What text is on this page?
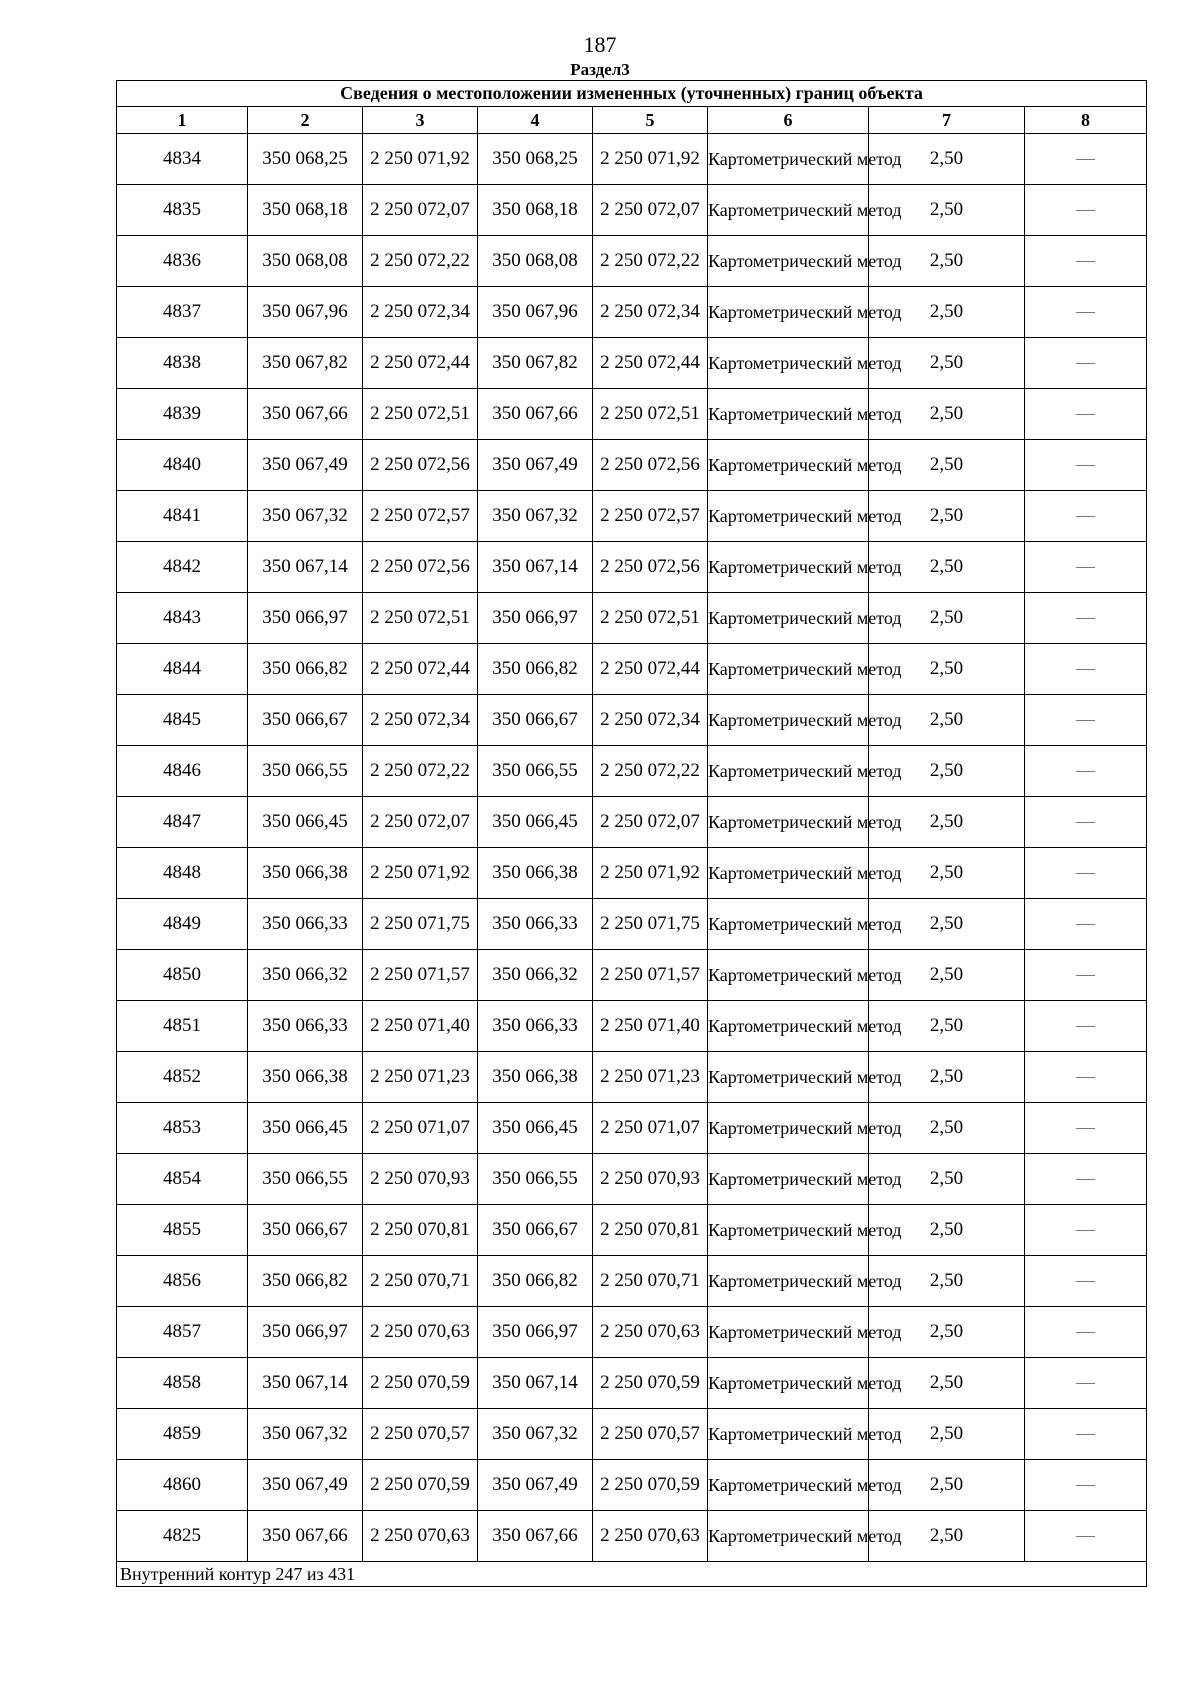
187
Раздел3
Сведения о местоположении измененных (уточненных) границ объекта							
1	2	3	4	5	6	7	8
4834	350 068,25	2 250 071,92	350 068,25	2 250 071,92	Картометрический метод	2,50	—
4835	350 068,18	2 250 072,07	350 068,18	2 250 072,07	Картометрический метод	2,50	—
4836	350 068,08	2 250 072,22	350 068,08	2 250 072,22	Картометрический метод	2,50	—
4837	350 067,96	2 250 072,34	350 067,96	2 250 072,34	Картометрический метод	2,50	—
4838	350 067,82	2 250 072,44	350 067,82	2 250 072,44	Картометрический метод	2,50	—
4839	350 067,66	2 250 072,51	350 067,66	2 250 072,51	Картометрический метод	2,50	—
4840	350 067,49	2 250 072,56	350 067,49	2 250 072,56	Картометрический метод	2,50	—
4841	350 067,32	2 250 072,57	350 067,32	2 250 072,57	Картометрический метод	2,50	—
4842	350 067,14	2 250 072,56	350 067,14	2 250 072,56	Картометрический метод	2,50	—
4843	350 066,97	2 250 072,51	350 066,97	2 250 072,51	Картометрический метод	2,50	—
4844	350 066,82	2 250 072,44	350 066,82	2 250 072,44	Картометрический метод	2,50	—
4845	350 066,67	2 250 072,34	350 066,67	2 250 072,34	Картометрический метод	2,50	—
4846	350 066,55	2 250 072,22	350 066,55	2 250 072,22	Картометрический метод	2,50	—
4847	350 066,45	2 250 072,07	350 066,45	2 250 072,07	Картометрический метод	2,50	—
4848	350 066,38	2 250 071,92	350 066,38	2 250 071,92	Картометрический метод	2,50	—
4849	350 066,33	2 250 071,75	350 066,33	2 250 071,75	Картометрический метод	2,50	—
4850	350 066,32	2 250 071,57	350 066,32	2 250 071,57	Картометрический метод	2,50	—
4851	350 066,33	2 250 071,40	350 066,33	2 250 071,40	Картометрический метод	2,50	—
4852	350 066,38	2 250 071,23	350 066,38	2 250 071,23	Картометрический метод	2,50	—
4853	350 066,45	2 250 071,07	350 066,45	2 250 071,07	Картометрический метод	2,50	—
4854	350 066,55	2 250 070,93	350 066,55	2 250 070,93	Картометрический метод	2,50	—
4855	350 066,67	2 250 070,81	350 066,67	2 250 070,81	Картометрический метод	2,50	—
4856	350 066,82	2 250 070,71	350 066,82	2 250 070,71	Картометрический метод	2,50	—
4857	350 066,97	2 250 070,63	350 066,97	2 250 070,63	Картометрический метод	2,50	—
4858	350 067,14	2 250 070,59	350 067,14	2 250 070,59	Картометрический метод	2,50	—
4859	350 067,32	2 250 070,57	350 067,32	2 250 070,57	Картометрический метод	2,50	—
4860	350 067,49	2 250 070,59	350 067,49	2 250 070,59	Картометрический метод	2,50	—
4825	350 067,66	2 250 070,63	350 067,66	2 250 070,63	Картометрический метод	2,50	—
Внутренний контур 247 из 431							
